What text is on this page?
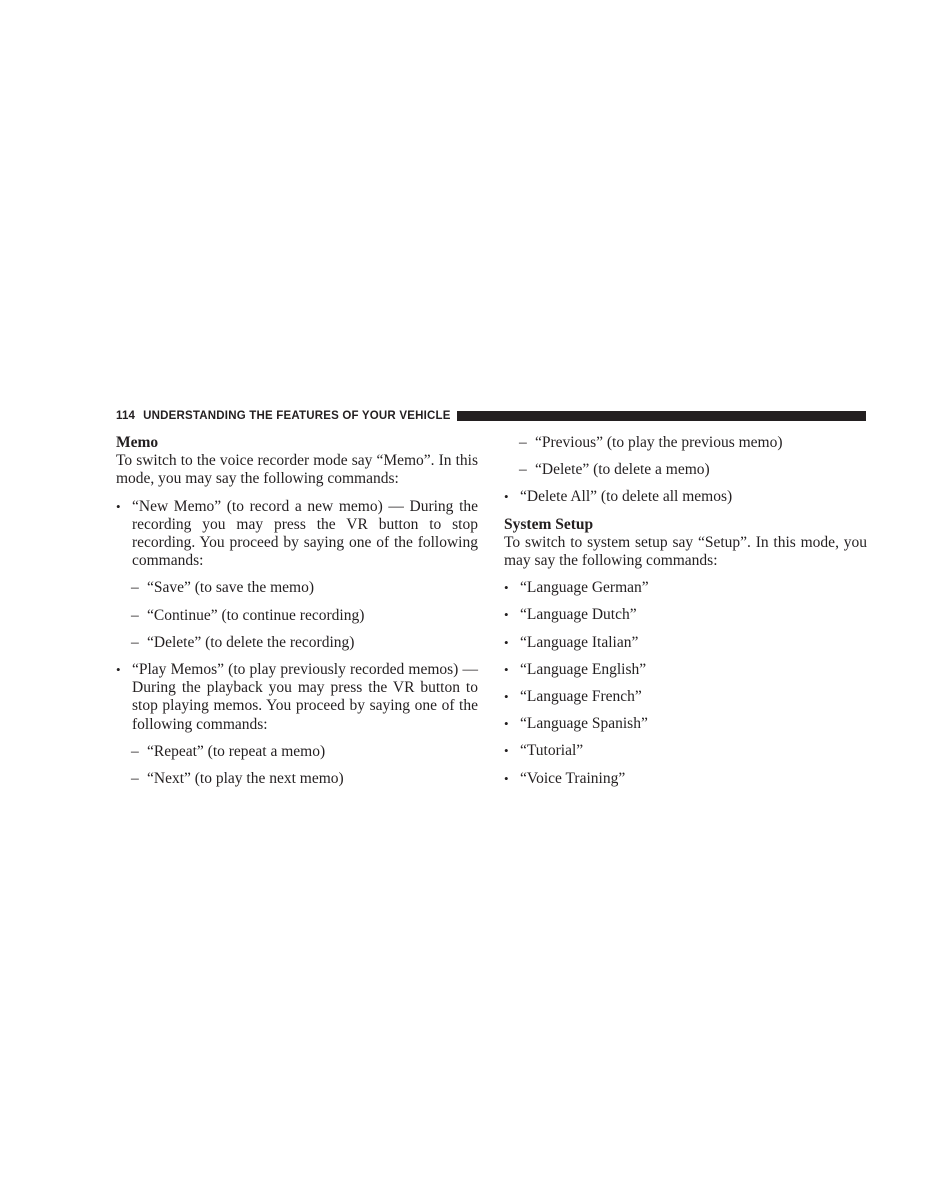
114 UNDERSTANDING THE FEATURES OF YOUR VEHICLE
Memo
To switch to the voice recorder mode say “Memo”. In this mode, you may say the following commands:
• “New Memo” (to record a new memo) — During the recording you may press the VR button to stop recording. You proceed by saying one of the following commands:
– “Save” (to save the memo)
– “Continue” (to continue recording)
– “Delete” (to delete the recording)
• “Play Memos” (to play previously recorded memos) — During the playback you may press the VR button to stop playing memos. You proceed by saying one of the following commands:
– “Repeat” (to repeat a memo)
– “Next” (to play the next memo)
– “Previous” (to play the previous memo)
– “Delete” (to delete a memo)
• “Delete All” (to delete all memos)
System Setup
To switch to system setup say “Setup”. In this mode, you may say the following commands:
• “Language German”
• “Language Dutch”
• “Language Italian”
• “Language English”
• “Language French”
• “Language Spanish”
• “Tutorial”
• “Voice Training”
